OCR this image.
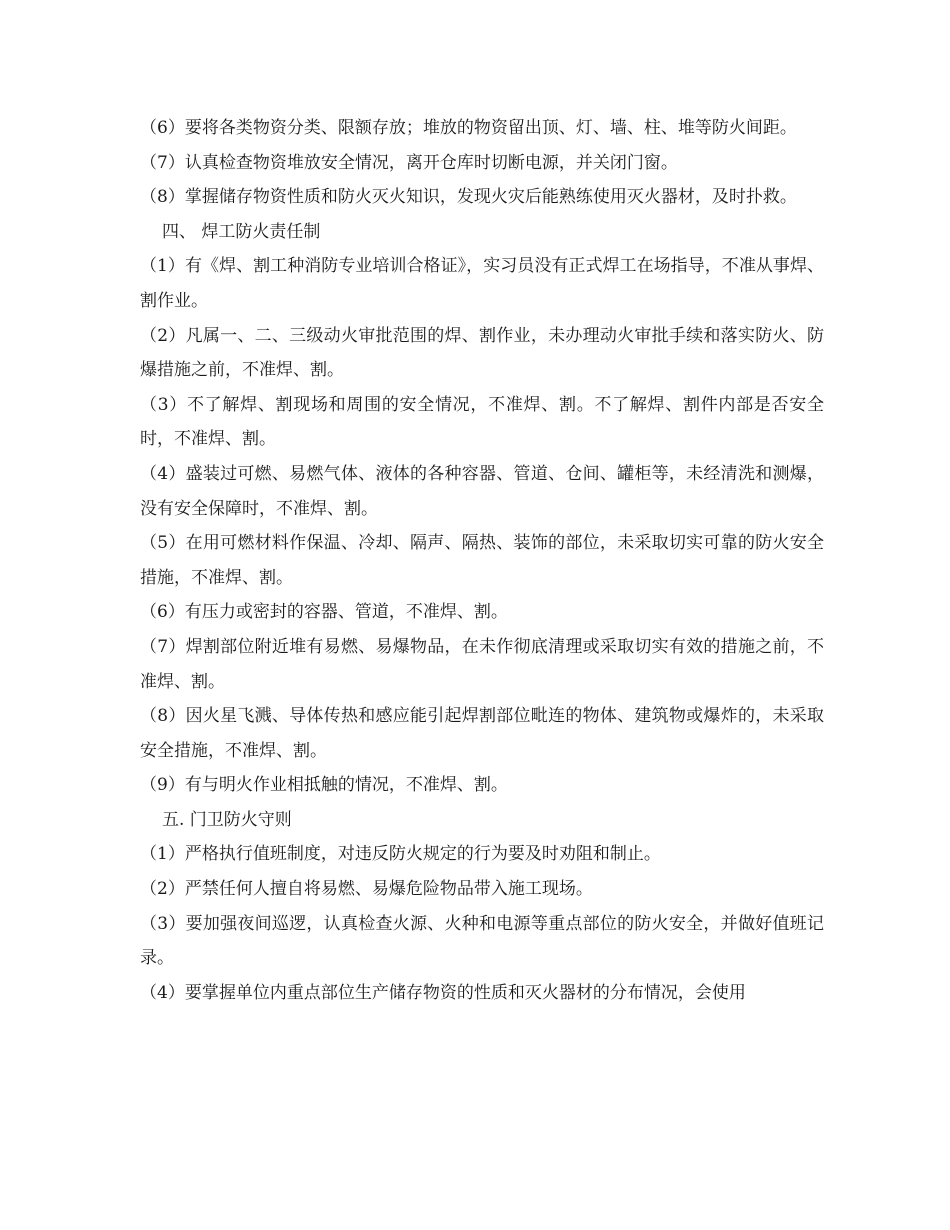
（6）要将各类物资分类、限额存放；堆放的物资留出顶、灯、墙、柱、堆等防火间距。

（7）认真检查物资堆放安全情况，离开仓库时切断电源，并关闭门窗。

（8）掌握储存物资性质和防火灭火知识，发现火灾后能熟练使用灭火器材，及时扑救。

四、 焊工防火责任制

（1）有《焊、割工种消防专业培训合格证》，实习员没有正式焊工在场指导，不准从事焊、割作业。

（2）凡属一、二、三级动火审批范围的焊、割作业，未办理动火审批手续和落实防火、防爆措施之前，不准焊、割。

（3）不了解焊、割现场和周围的安全情况，不准焊、割。不了解焊、割件内部是否安全时，不准焊、割。

（4）盛装过可燃、易燃气体、液体的各种容器、管道、仓间、罐柜等，未经清洗和测爆，没有安全保障时，不准焊、割。

（5）在用可燃材料作保温、冷却、隔声、隔热、装饰的部位，未采取切实可靠的防火安全措施，不准焊、割。

（6）有压力或密封的容器、管道，不准焊、割。

（7）焊割部位附近堆有易燃、易爆物品，在未作彻底清理或采取切实有效的措施之前，不准焊、割。

（8）因火星飞溅、导体传热和感应能引起焊割部位毗连的物体、建筑物或爆炸的，未采取安全措施，不准焊、割。

（9）有与明火作业相抵触的情况，不准焊、割。

五. 门卫防火守则

（1）严格执行值班制度，对违反防火规定的行为要及时劝阻和制止。

（2）严禁任何人擅自将易燃、易爆危险物品带入施工现场。

（3）要加强夜间巡逻，认真检查火源、火种和电源等重点部位的防火安全，并做好值班记录。

（4）要掌握单位内重点部位生产储存物资的性质和灭火器材的分布情况，会使用
